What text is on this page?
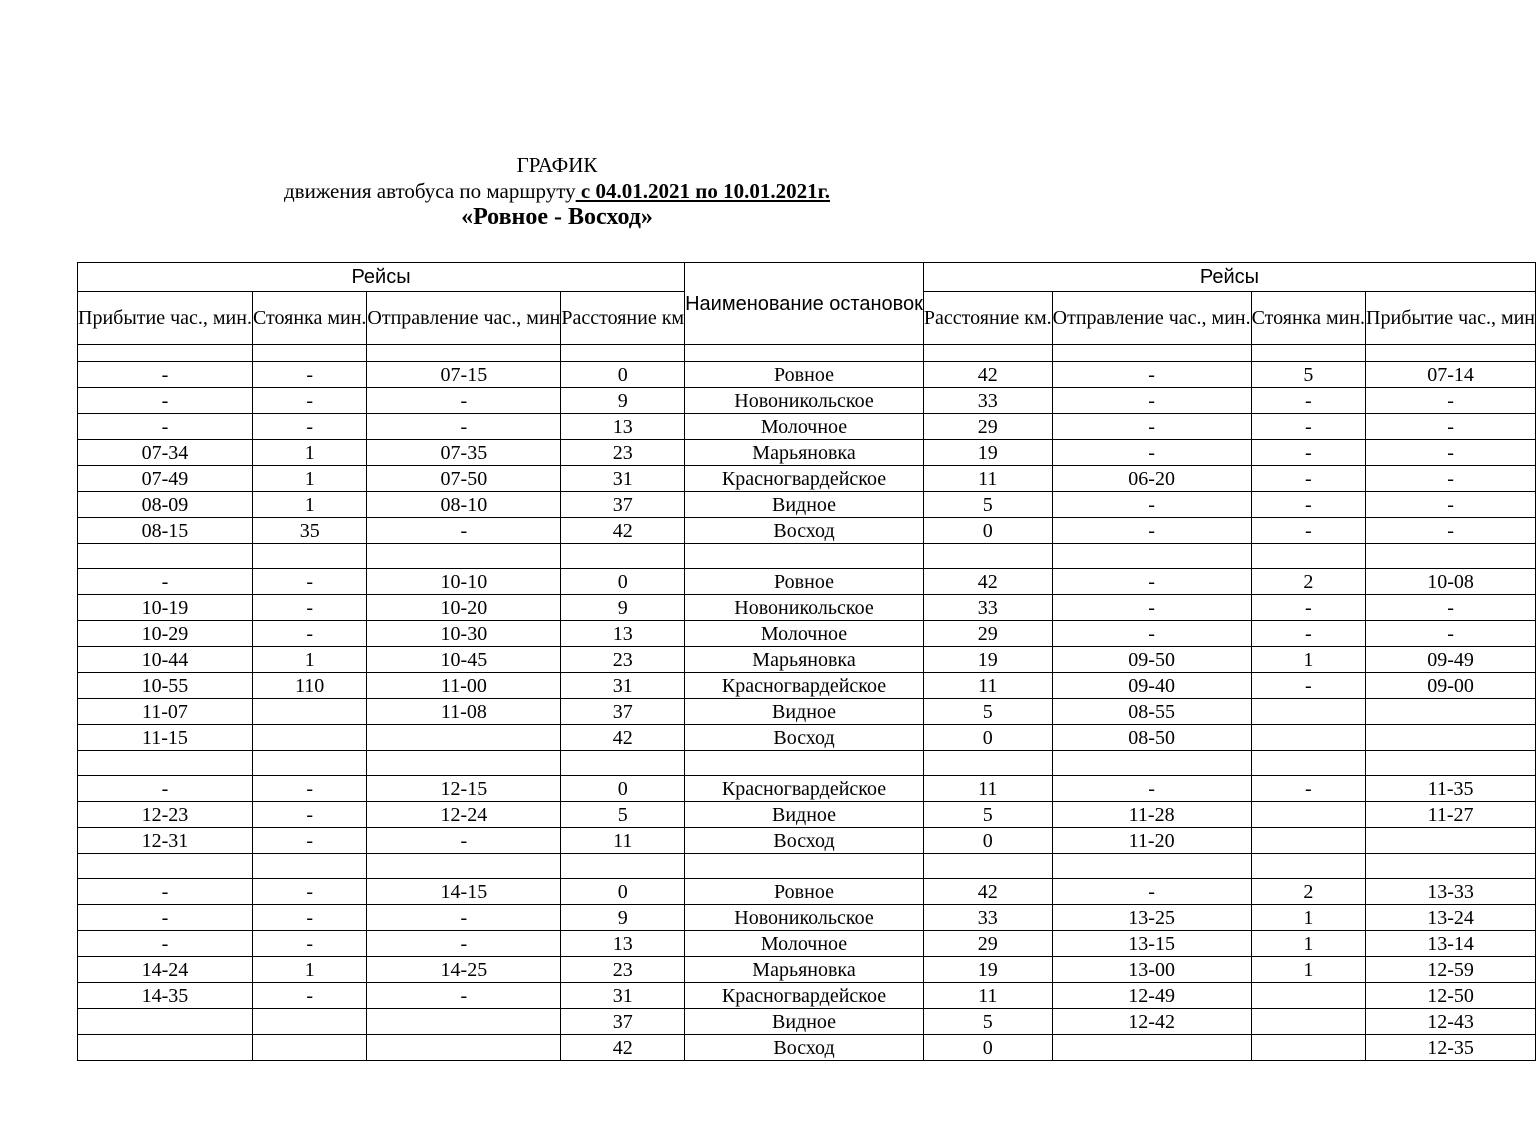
ГРАФИК
движения автобуса по маршруту с 04.01.2021 по 10.01.2021г.
«Ровное - Восход»
Рейсы				Наименование остановок	Рейсы			
Прибытие час., мин.	Стоянка мин.	Отправление час., мин	Расстояние км		Расстояние км.	Отправление час., мин.	Стоянка мин.	Прибытие час., мин

-	-	07-15	0	Ровное	42	-	5	07-14
-	-	-	9	Новоникольское	33	-	-	-
-	-	-	13	Молочное	29	-	-	-
07-34	1	07-35	23	Марьяновка	19	-	-	-
07-49	1	07-50	31	Красногвардейское	11	06-20	-	-
08-09	1	08-10	37	Видное	5	-	-	-
08-15	35	-	42	Восход	0	-	-	-

-	-	10-10	0	Ровное	42	-	2	10-08
10-19	-	10-20	9	Новоникольское	33	-	-	-
10-29	-	10-30	13	Молочное	29	-	-	-
10-44	1	10-45	23	Марьяновка	19	09-50	1	09-49
10-55	110	11-00	31	Красногвардейское	11	09-40	-	09-00
11-07		11-08	37	Видное	5	08-55		
11-15			42	Восход	0	08-50		

-	-	12-15	0	Красногвардейское	11	-	-	11-35
12-23	-	12-24	5	Видное	5	11-28		11-27
12-31	-	-	11	Восход	0	11-20		

-	-	14-15	0	Ровное	42	-	2	13-33
-	-	-	9	Новоникольское	33	13-25	1	13-24
-	-	-	13	Молочное	29	13-15	1	13-14
14-24	1	14-25	23	Марьяновка	19	13-00	1	12-59
14-35	-	-	31	Красногвардейское	11	12-49		12-50
			37	Видное	5	12-42		12-43
			42	Восход	0			12-35
